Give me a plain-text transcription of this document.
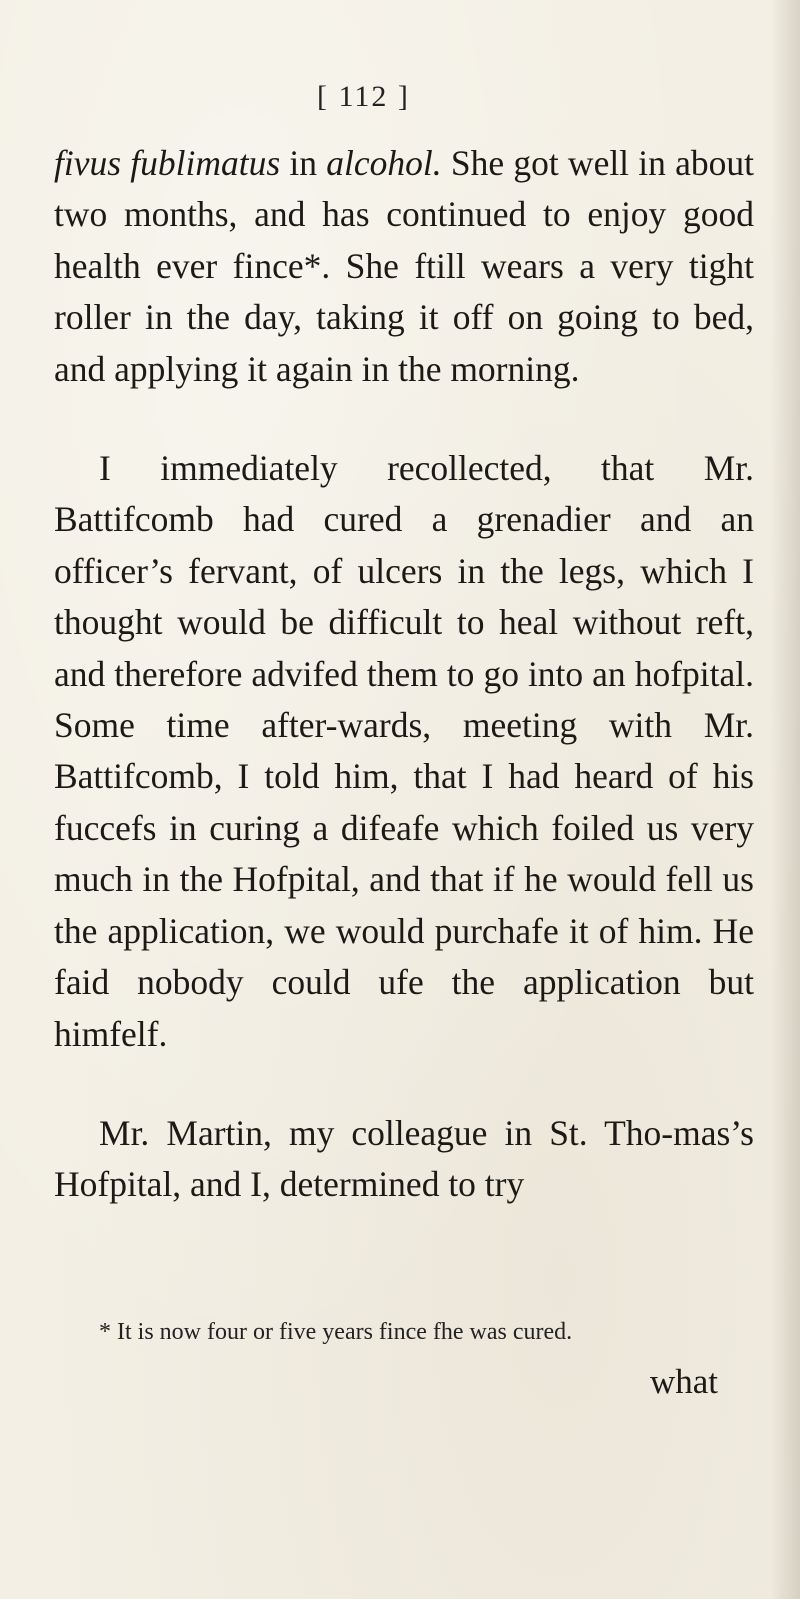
[ 112 ]

fivus fublimatus in alcohol. She got well in about two months, and has continued to enjoy good health ever fince*. She ftill wears a very tight roller in the day, taking it off on going to bed, and applying it again in the morning.

I immediately recollected, that Mr. Battifcomb had cured a grenadier and an officer’s fervant, of ulcers in the legs, which I thought would be difficult to heal without reft, and therefore advifed them to go into an hofpital. Some time after-wards, meeting with Mr. Battifcomb, I told him, that I had heard of his fuccefs in curing a difeafe which foiled us very much in the Hofpital, and that if he would fell us the application, we would purchafe it of him. He faid nobody could ufe the application but himfelf.

Mr. Martin, my colleague in St. Tho-mas’s Hofpital, and I, determined to try

* It is now four or five years fince fhe was cured.
what
